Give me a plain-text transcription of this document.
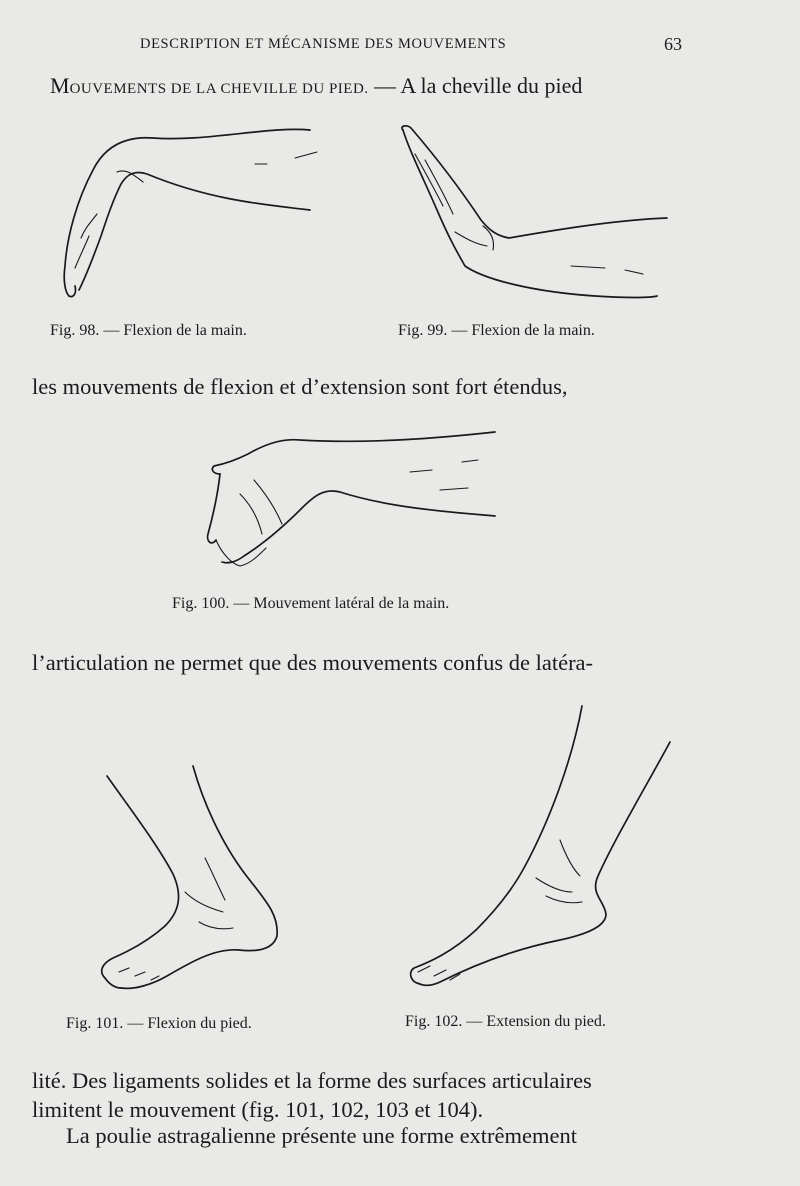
DESCRIPTION ET MÉCANISME DES MOUVEMENTS	63
MOUVEMENTS DE LA CHEVILLE DU PIED. — A la cheville du pied
Fig. 98. — Flexion de la main.	Fig. 99. — Flexion de la main.
les mouvements de flexion et d’extension sont fort étendus,
Fig. 100. — Mouvement latéral de la main.
l’articulation ne permet que des mouvements confus de latéra-
Fig. 101. — Flexion du pied.	Fig. 102. — Extension du pied.
lité. Des ligaments solides et la forme des surfaces articulaires
limitent le mouvement (fig. 101, 102, 103 et 104).
La poulie astragalienne présente une forme extrêmement
